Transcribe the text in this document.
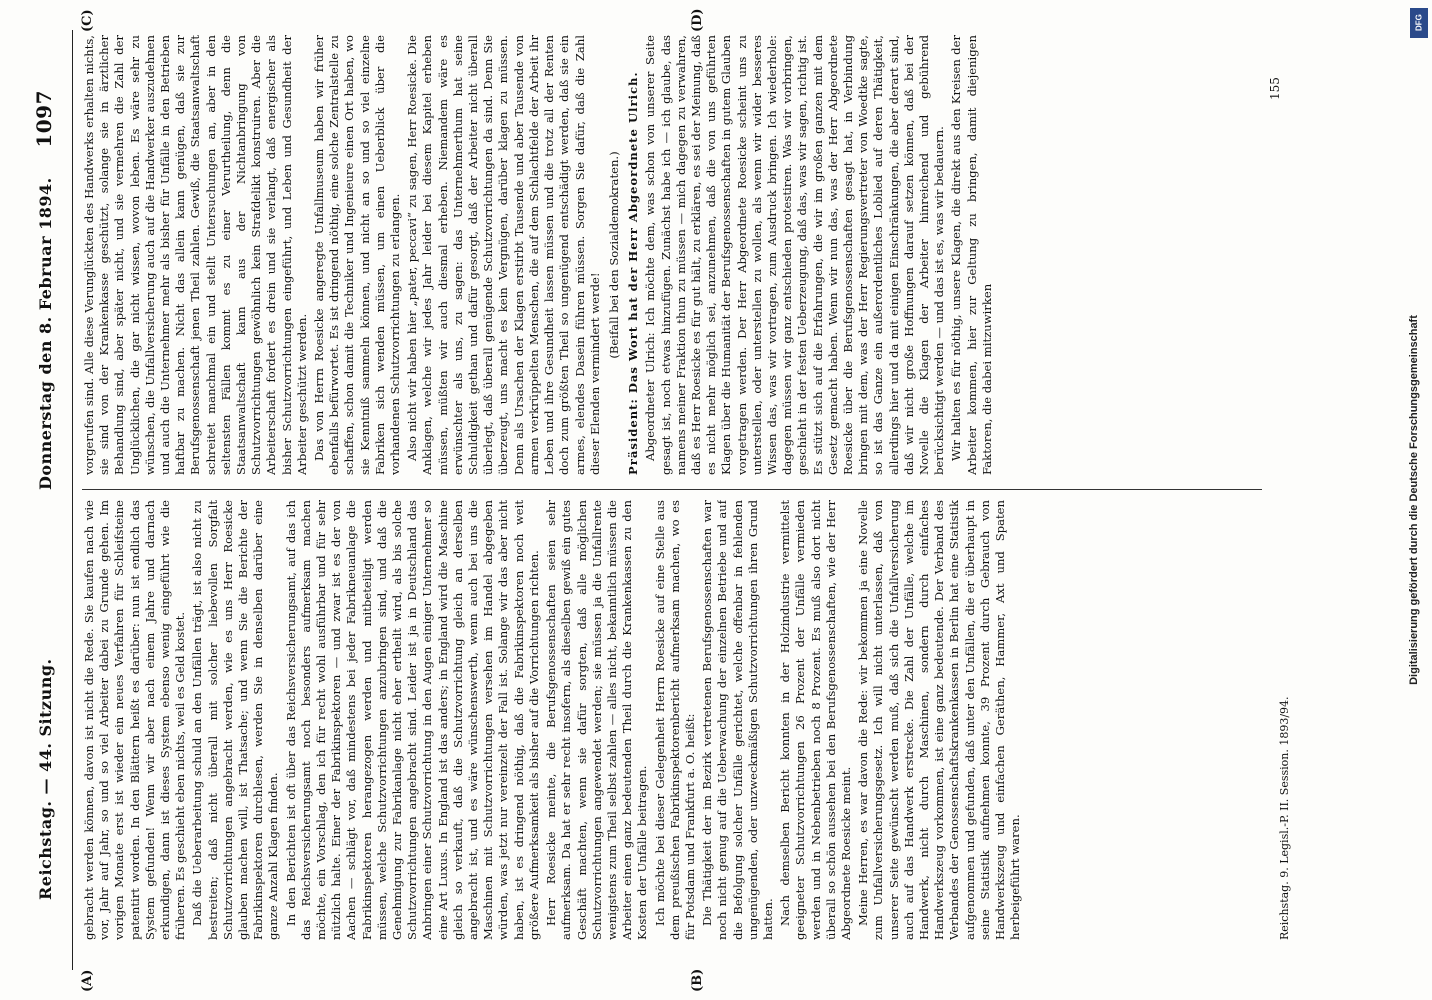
Reichstag. — 44. Sitzung.
Donnerstag den 8. Februar 1894.
1097
(A)	(B)
(C)	(D)

gebracht werden können, davon ist nicht die Rede. Sie kaufen nach wie vor, Jahr auf Jahr, so und so viel Arbeiter dabei zu Grunde gehen. Im vorigen Monate erst ist wieder ein neues Verfahren für Schleifsteine patentirt worden. In den Blättern heißt es darüber: nun ist endlich das System gefunden! Wenn wir aber nach einem Jahre und darnach erkundigen, dann ist dieses System ebenso wenig eingeführt wie die früheren. Es geschieht eben nichts, weil es Geld kostet. Daß die Ueberarbeitung schuld an den Unfällen trägt, ist also nicht zu bestreiten; daß nicht überall mit solcher liebevollen Sorgfalt Schutzvorrichtungen angebracht werden, wie es uns Herr Roesicke glauben machen will, ist Thatsache; und wenn Sie die Berichte der Fabrikinspektoren durchlesen, werden Sie in denselben darüber eine ganze Anzahl Klagen finden. In den Berichten ist oft über das Reichsversicherungsamt, auf das ich das Reichsversicherungsamt noch besonders aufmerksam machen möchte, ein Vorschlag, den ich für recht wohl ausführbar und für sehr nützlich halte. Einer der Fabrikinspektoren — und zwar ist es der von Aachen — schlägt vor, daß mindestens bei jeder Fabrikneuanlage die Fabrikinspektoren herangezogen werden und mitbeteiligt werden müssen, welche Schutzvorrichtungen anzubringen sind, und daß die Genehmigung zur Fabrikanlage nicht eher ertheilt wird, als bis solche Schutzvorrichtungen angebracht sind. Leider ist ja in Deutschland das Anbringen einer Schutzvorrichtung in den Augen einiger Unternehmer so eine Art Luxus. In England ist das anders; in England wird die Maschine gleich so verkauft, daß die Schutzvorrichtung gleich an derselben angebracht ist, und es wäre wünschenswerth, wenn auch bei uns die Maschinen mit Schutzvorrichtungen versehen im Handel abgegeben würden, was jetzt nur vereinzelt der Fall ist. Solange wir das aber nicht haben, ist es dringend nöthig, daß die Fabrikinspektoren noch weit größere Aufmerksamkeit als bisher auf die Vorrichtungen richten. Herr Roesicke meinte, die Berufsgenossenschaften seien sehr aufmerksam. Da hat er sehr recht insofern, als dieselben gewiß ein gutes Geschäft machten, wenn sie dafür sorgten, daß alle möglichen Schutzvorrichtungen angewendet werden; sie müssen ja die Unfallrente wenigstens zum Theil selbst zahlen — alles nicht, bekanntlich müssen die Arbeiter einen ganz bedeutenden Theil durch die Krankenkassen zu den Kosten der Unfälle beitragen. Ich möchte bei dieser Gelegenheit Herrn Roesicke auf eine Stelle aus dem preußischen Fabrikinspektorenbericht aufmerksam machen, wo es für Potsdam und Frankfurt a. O. heißt: Die Thätigkeit der im Bezirk vertretenen Berufsgenossenschaften war noch nicht genug auf die Ueberwachung der einzelnen Betriebe und auf die Befolgung solcher Unfälle gerichtet, welche offenbar in fehlenden ungenügenden, oder unzweckmäßigen Schutzvorrichtungen ihren Grund hatten. Nach demselben Bericht konnten in der Holzindustrie vermittelst geeigneter Schutzvorrichtungen 26 Prozent der Unfälle vermieden werden und in Nebenbetrieben noch 8 Prozent. Es muß also dort nicht überall so schön aussehen bei den Berufsgenossenschaften, wie der Herr Abgeordnete Roesicke meint. Meine Herren, es war davon die Rede: wir bekommen ja eine Novelle zum Unfallversicherungsgesetz. Ich will nicht unterlassen, daß von unserer Seite gewünscht werden muß, daß sich die Unfallversicherung auch auf das Handwerk erstrecke. Die Zahl der Unfälle, welche im Handwerk, nicht durch Maschinen, sondern durch einfaches Handwerkszeug vorkommen, ist eine ganz bedeutende. Der Verband des Verbandes der Genossenschaftskrankenkassen in Berlin hat eine Statistik aufgenommen und gefunden, daß unter den Unfällen, die er überhaupt in seine Statistik aufnehmen konnte, 39 Prozent durch Gebrauch von Handwerkszeug und einfachen Geräthen, Hammer, Axt und Spaten herbeigeführt waren.

vorgerufen sind. Alle diese Verunglückten des Handwerks erhalten nichts, sie sind von der Krankenkasse geschützt, solange sie in ärztlicher Behandlung sind, aber später nicht, und sie vermehren die Zahl der Unglücklichen, die gar nicht wissen, wovon leben. Es wäre sehr zu wünschen, die Unfallversicherung auch auf die Handwerker auszudehnen und auch die Unternehmer mehr als bisher für Unfälle in den Betrieben haftbar zu machen. Nicht das allein kann genügen, daß sie zur Berufsgenossenschaft jenen Theil zahlen. Gewiß, die Staatsanwaltschaft schreitet manchmal ein und stellt Untersuchungen an, aber in den seltensten Fällen kommt es zu einer Verurtheilung, denn die Staatsanwaltschaft kann aus der Nichtanbringung von Schutzvorrichtungen gewöhnlich kein Strafdelikt konstruiren. Aber die Arbeiterschaft fordert es drein und sie verlangt, daß energischer als bisher Schutzvorrichtungen eingeführt, und Leben und Gesundheit der Arbeiter geschützt werden. Das von Herrn Roesicke angeregte Unfallmuseum haben wir früher ebenfalls befürwortet. Es ist dringend nöthig, eine solche Zentralstelle zu schaffen, schon damit die Techniker und Ingenieure einen Ort haben, wo sie Kenntniß sammeln können, und nicht an so und so viel einzelne Fabriken sich wenden müssen, um einen Ueberblick über die vorhandenen Schutzvorrichtungen zu erlangen. Also nicht wir haben hier „pater, peccavi“ zu sagen, Herr Roesicke. Die Anklagen, welche wir jedes Jahr leider bei diesem Kapitel erheben müssen, müßten wir auch diesmal erheben. Niemandem wäre es erwünschter als uns, zu sagen: das Unternehmerthum hat seine Schuldigkeit gethan und dafür gesorgt, daß der Arbeiter nicht überall überlegt, daß überall genügende Schutzvorrichtungen da sind. Denn Sie überzeugt, uns macht es kein Vergnügen, darüber klagen zu müssen. Denn als Ursachen der Klagen erstirbt Tausende und aber Tausende von armen verkrüppelten Menschen, die auf dem Schlachtfelde der Arbeit ihr Leben und ihre Gesundheit lassen müssen und die trotz all der Renten doch zum größten Theil so ungenügend entschädigt werden, daß sie ein armes, elendes Dasein führen müssen. Sorgen Sie dafür, daß die Zahl dieser Elenden vermindert werde!

(Beifall bei den Sozialdemokraten.) Präsident: Das Wort hat der Herr Abgeordnete Ulrich. Abgeordneter Ulrich: Ich möchte dem, was schon von unserer Seite gesagt ist, noch etwas hinzufügen. Zunächst habe ich — ich glaube, das namens meiner Fraktion thun zu müssen — mich dagegen zu verwahren, daß es Herr Roesicke es für gut hält, zu erklären, es sei der Meinung, daß es nicht mehr möglich sei, anzunehmen, daß die von uns geführten Klagen über die Humanität der Berufsgenossenschaften in gutem Glauben vorgetragen werden. Der Herr Abgeordnete Roesicke scheint uns zu unterstellen, oder unterstellen zu wollen, als wenn wir wider besseres Wissen das, was wir vortragen, zum Ausdruck bringen. Ich wiederhole: dagegen müssen wir ganz entschieden protestiren. Was wir vorbringen, geschieht in der festen Ueberzeugung, daß das, was wir sagen, richtig ist. Es stützt sich auf die Erfahrungen, die wir im großen ganzen mit dem Gesetz gemacht haben. Wenn wir nun das, was der Herr Abgeordnete Roesicke über die Berufsgenossenschaften gesagt hat, in Verbindung bringen mit dem, was der Herr Regierungsvertreter von Woedtke sagte, so ist das Ganze ein außerordentliches Loblied auf deren Thätigkeit, allerdings hier und da mit einigen Einschränkungen, die aber derart sind, daß wir nicht große Hoffnungen darauf setzen können, daß bei der Novelle die Klagen der Arbeiter hinreichend und gebührend berücksichtigt werden — und das ist es, was wir bedauern. Wir halten es für nöthig, unsere Klagen, die direkt aus den Kreisen der Arbeiter kommen, hier zur Geltung zu bringen, damit diejenigen Faktoren, die dabei mitzuwirken

Reichstag. 9. Legisl.-P. II. Session. 1893/94.
155
Digitalisierung gefördert durch die Deutsche Forschungsgemeinschaft
DFG
